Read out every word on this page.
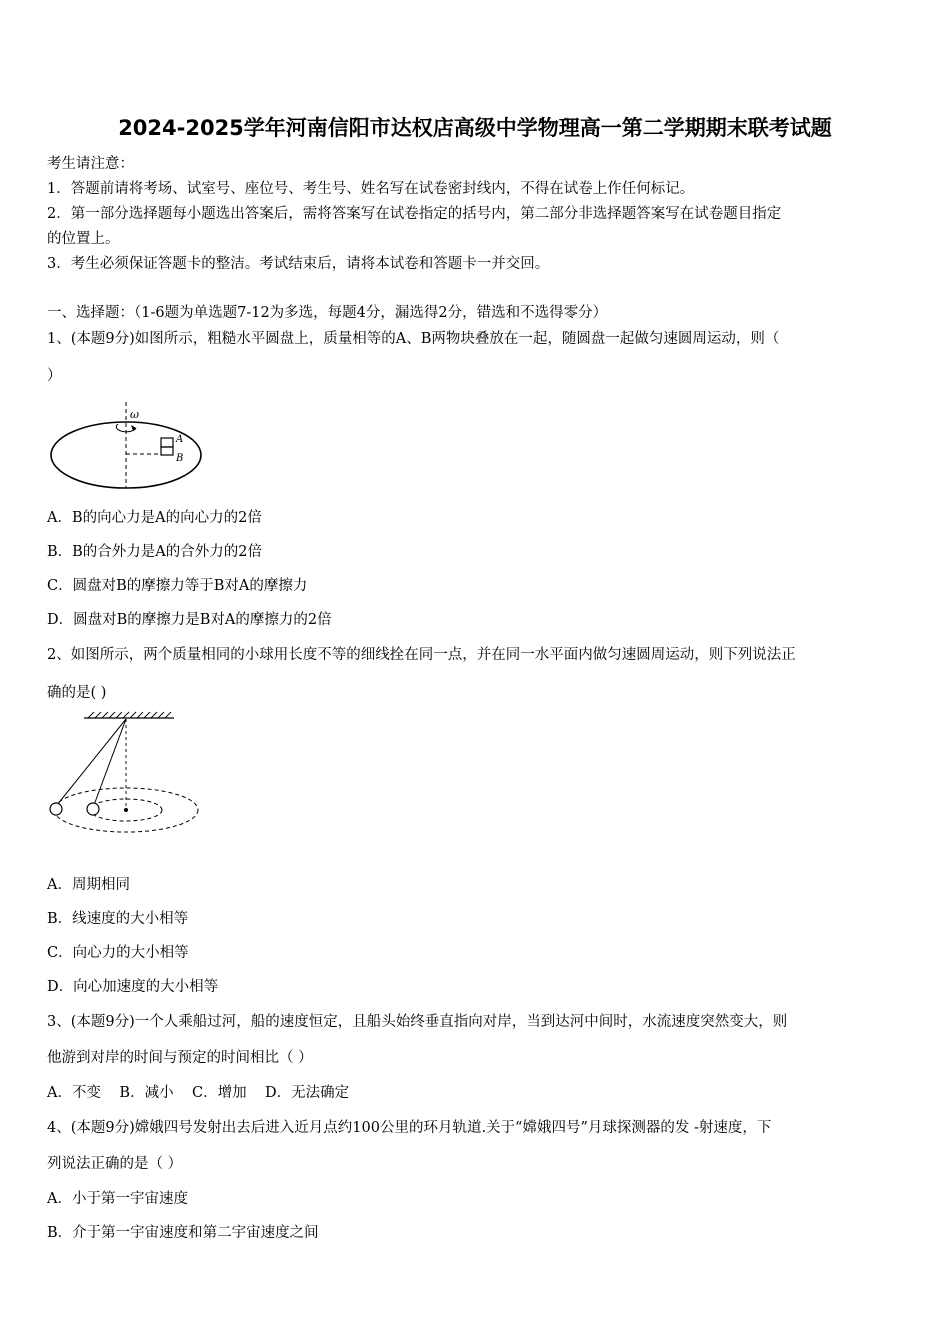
2024-2025学年河南信阳市达权店高级中学物理高一第二学期期末联考试题
考生请注意：
1．答题前请将考场、试室号、座位号、考生号、姓名写在试卷密封线内，不得在试卷上作任何标记。
2．第一部分选择题每小题选出答案后，需将答案写在试卷指定的括号内，第二部分非选择题答案写在试卷题目指定
的位置上。
3．考生必须保证答题卡的整洁。考试结束后，请将本试卷和答题卡一并交回。
一、选择题：（1-6题为单选题7-12为多选，每题4分，漏选得2分，错选和不选得零分）
1、(本题9分)如图所示，粗糙水平圆盘上，质量相等的A、B两物块叠放在一起，随圆盘一起做匀速圆周运动，则（
）
ω
A
B
A．B的向心力是A的向心力的2倍
B．B的合外力是A的合外力的2倍
C．圆盘对B的摩擦力等于B对A的摩擦力
D．圆盘对B的摩擦力是B对A的摩擦力的2倍
2、如图所示，两个质量相同的小球用长度不等的细线拴在同一点，并在同一水平面内做匀速圆周运动，则下列说法正
确的是( )
A．周期相同
B．线速度的大小相等
C．向心力的大小相等
D．向心加速度的大小相等
3、(本题9分)一个人乘船过河，船的速度恒定，且船头始终垂直指向对岸，当到达河中间时，水流速度突然变大，则
他游到对岸的时间与预定的时间相比（ ）
A．不变    B．减小    C．增加    D．无法确定
4、(本题9分)嫦娥四号发射出去后进入近月点约100公里的环月轨道.关于“嫦娥四号”月球探测器的发 -射速度，下
列说法正确的是（ ）
A．小于第一宇宙速度
B．介于第一宇宙速度和第二宇宙速度之间
